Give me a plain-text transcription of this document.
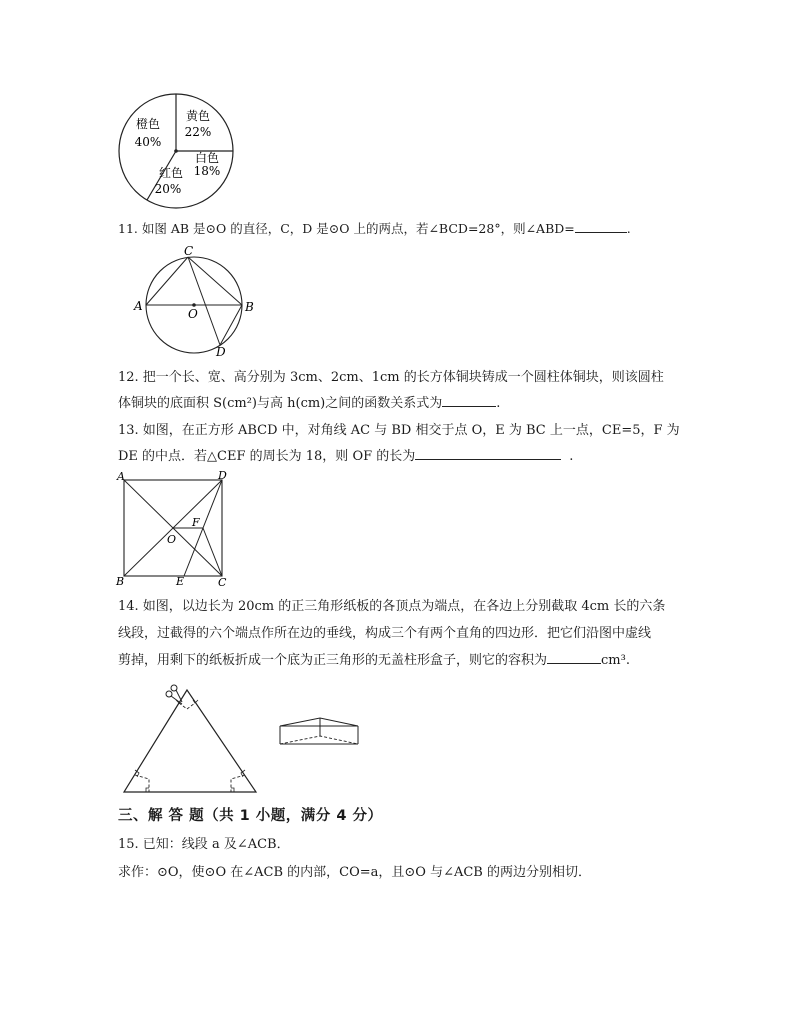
橙色
40%
黄色
22%
白色
18%
红色
20%
11. 如图 AB 是⊙O 的直径，C，D 是⊙O 上的两点，若∠BCD=28°，则∠ABD=	.
C
A
O	B
D
12. 把一个长、宽、高分别为 3cm、2cm、1cm 的长方体铜块铸成一个圆柱体铜块，则该圆柱
体铜块的底面积 S(cm²)与高 h(cm)之间的函数关系式为	.
13. 如图，在正方形 ABCD 中，对角线 AC 与 BD 相交于点 O，E 为 BC 上一点，CE=5，F 为
DE 的中点．若△CEF 的周长为 18，则 OF 的长为	.
A	D
F
O
B	E	C
14. 如图，以边长为 20cm 的正三角形纸板的各顶点为端点，在各边上分别截取 4cm 长的六条
线段，过截得的六个端点作所在边的垂线，构成三个有两个直角的四边形．把它们沿图中虚线
剪掉，用剩下的纸板折成一个底为正三角形的无盖柱形盒子，则它的容积为	cm³.
三、解 答 题（共 1 小题，满分 4 分）
15. 已知：线段 a 及∠ACB．
求作：⊙O，使⊙O 在∠ACB 的内部，CO=a，且⊙O 与∠ACB 的两边分别相切．
